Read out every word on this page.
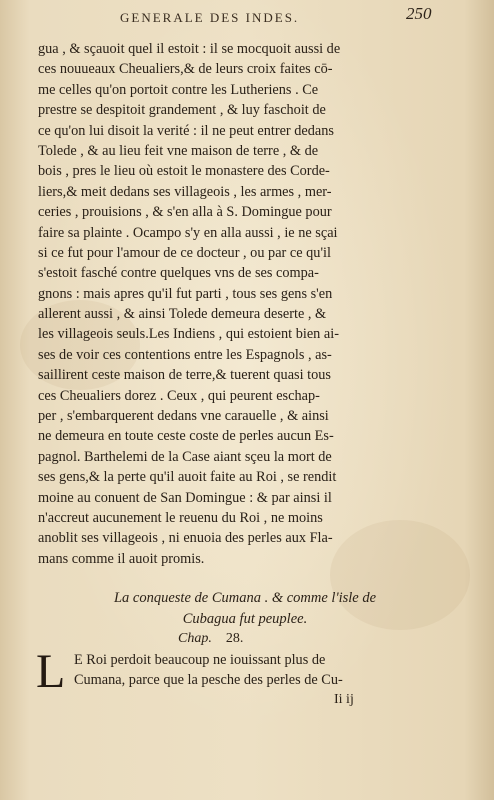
GENERALE DES INDES.	250
gua , & sçauoit quel il estoit : il se mocquoit aussi de
ces nouueaux Cheualiers,& de leurs croix faites cō-
me celles qu'on portoit contre les Lutheriens . Ce
prestre se despitoit grandement , & luy faschoit de
ce qu'on lui disoit la verité : il ne peut entrer dedans
Tolede , & au lieu feit vne maison de terre , & de
bois , pres le lieu où estoit le monastere des Corde-
liers,& meit dedans ses villageois , les armes , mer-
ceries , prouisions , & s'en alla à S. Domingue pour
faire sa plainte . Ocampo s'y en alla aussi , ie ne sçai
si ce fut pour l'amour de ce docteur , ou par ce qu'il
s'estoit fasché contre quelques vns de ses compa-
gnons : mais apres qu'il fut parti , tous ses gens s'en
allerent aussi , & ainsi Tolede demeura deserte , &
les villageois seuls.Les Indiens , qui estoient bien ai-
ses de voir ces contentions entre les Espagnols , as-
saillirent ceste maison de terre,& tuerent quasi tous
ces Cheualiers dorez . Ceux , qui peurent eschap-
per , s'embarquerent dedans vne carauelle , & ainsi
ne demeura en toute ceste coste de perles aucun Es-
pagnol. Barthelemi de la Case aiant sçeu la mort de
ses gens,& la perte qu'il auoit faite au Roi , se rendit
moine au conuent de San Domingue : & par ainsi il
n'accreut aucunement le reuenu du Roi , ne moins
anoblit ses villageois , ni enuoia des perles aux Fla-
mans comme il auoit promis.
La conqueste de Cumana . & comme l'isle de
Cubagua fut peuplee.
Chap. 28.
L E Roi perdoit beaucoup ne iouissant plus de
Cumana, parce que la pesche des perles de Cu-
Ii ij
